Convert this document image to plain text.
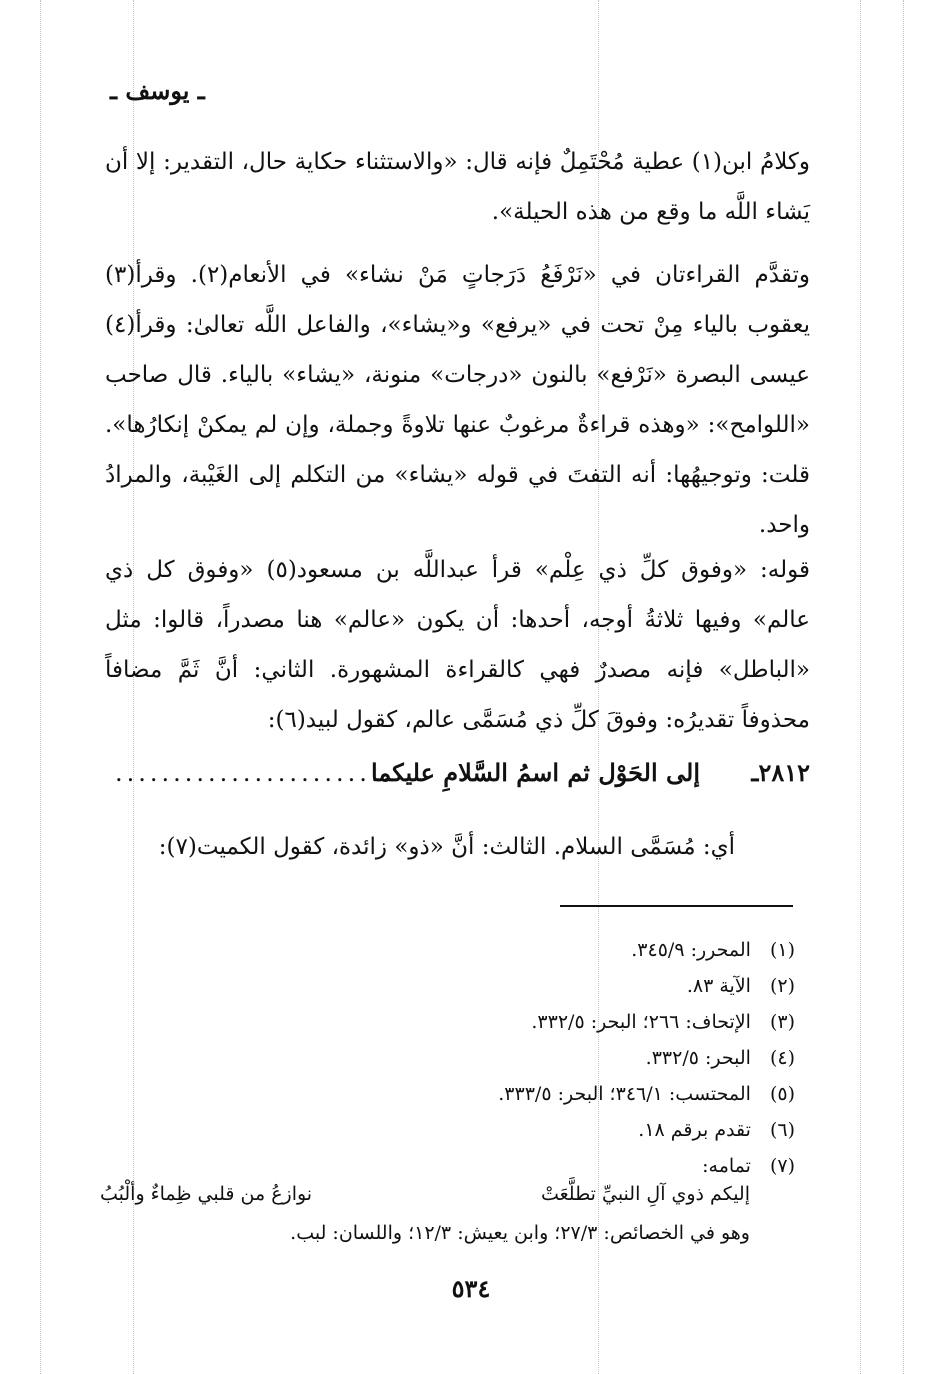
ـ يوسف ـ
وكلامُ ابن(١) عطية مُحْتَمِلٌ فإنه قال: «والاستثناء حكاية حال، التقدير: إلا أن يَشاء اللَّه ما وقع من هذه الحيلة».
وتقدَّم القراءتان في «نَرْفَعُ دَرَجاتٍ مَنْ نشاء» في الأنعام(٢). وقرأ(٣) يعقوب بالياء مِنْ تحت في «يرفع» و«يشاء»، والفاعل اللَّه تعالىٰ: وقرأ(٤) عيسى البصرة «نَرْفع» بالنون «درجات» منونة، «يشاء» بالياء. قال صاحب «اللوامح»: «وهذه قراءةٌ مرغوبٌ عنها تلاوةً وجملة، وإن لم يمكنْ إنكارُها». قلت: وتوجيهُها: أنه التفتَ في قوله «يشاء» من التكلم إلى الغَيْبة، والمرادُ واحد.
قوله: «وفوق كلِّ ذي عِلْم» قرأ عبداللَّه بن مسعود(٥) «وفوق كل ذي عالم» وفيها ثلاثةُ أوجه، أحدها: أن يكون «عالم» هنا مصدراً، قالوا: مثل «الباطل» فإنه مصدرٌ فهي كالقراءة المشهورة. الثاني: أنَّ ثَمَّ مضافاً محذوفاً تقديرُه: وفوقَ كلِّ ذي مُسَمَّى عالم، كقول لبيد(٦):
٢٨١٢ـ
إلى الحَوْل ثم اسمُ السَّلامِ عليكما
........................
أي: مُسَمَّى السلام. الثالث: أنَّ «ذو» زائدة، كقول الكميت(٧):
(١) المحرر: ٣٤٥/٩.
(٢) الآية ٨٣.
(٣) الإتحاف: ٢٦٦؛ البحر: ٣٣٢/٥.
(٤) البحر: ٣٣٢/٥.
(٥) المحتسب: ٣٤٦/١؛ البحر: ٣٣٣/٥.
(٦) تقدم برقم ١٨.
(٧) تمامه:
إليكم ذوي آلِ النبيِّ تطلَّعَتْ
نوازعُ من قلبي ظِماءٌ وألْبُبُ
وهو في الخصائص: ٢٧/٣؛ وابن يعيش: ١٢/٣؛ واللسان: لبب.
٥٣٤
